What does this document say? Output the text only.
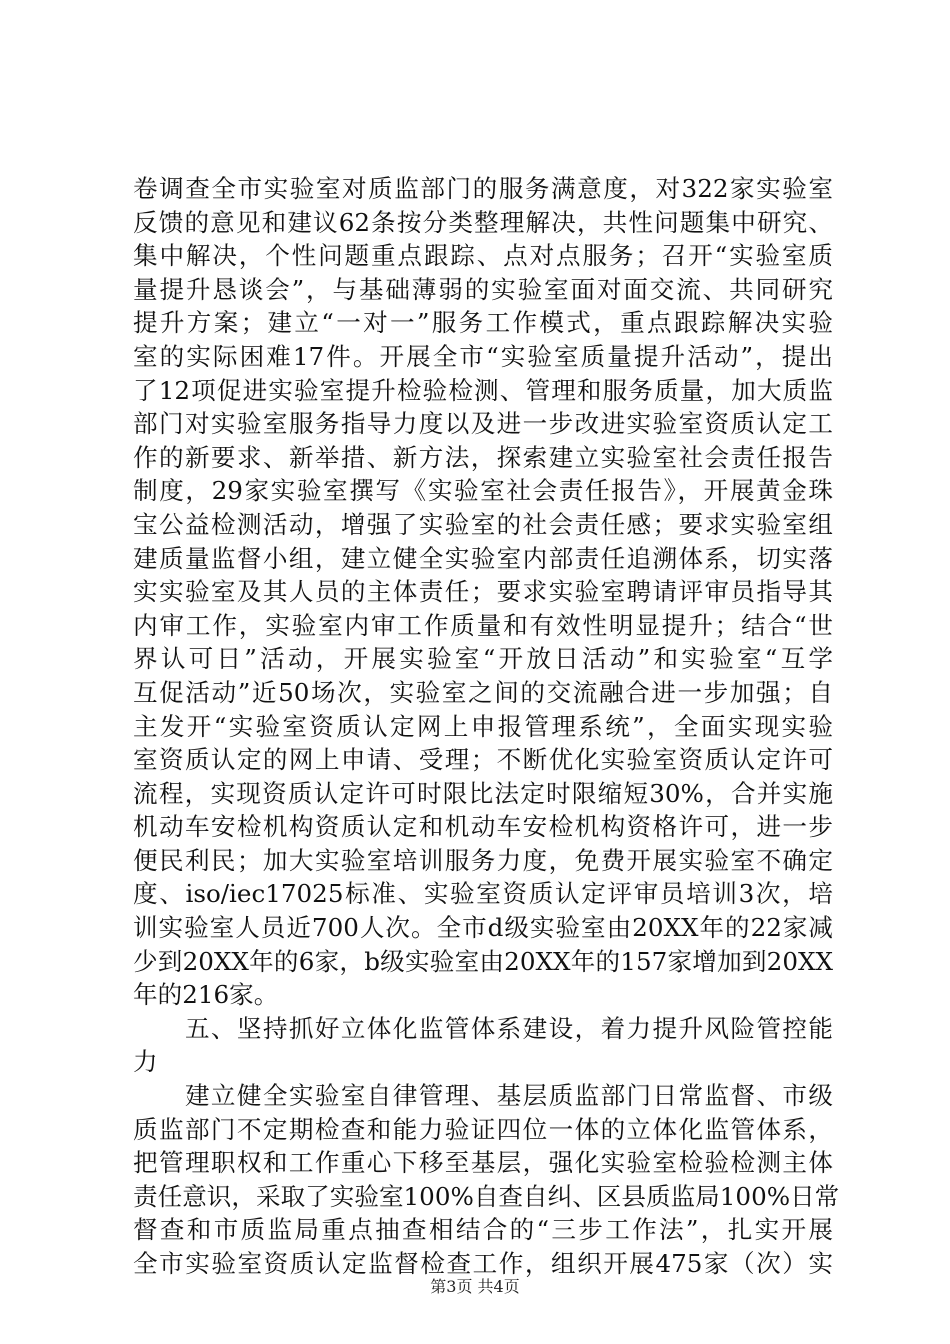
卷调查全市实验室对质监部门的服务满意度，对322家实验室
反馈的意见和建议62条按分类整理解决，共性问题集中研究、
集中解决，个性问题重点跟踪、点对点服务；召开“实验室质
量提升恳谈会”，与基础薄弱的实验室面对面交流、共同研究
提升方案；建立“一对一”服务工作模式，重点跟踪解决实验
室的实际困难17件。开展全市“实验室质量提升活动”，提出
了12项促进实验室提升检验检测、管理和服务质量，加大质监
部门对实验室服务指导力度以及进一步改进实验室资质认定工
作的新要求、新举措、新方法，探索建立实验室社会责任报告
制度，29家实验室撰写《实验室社会责任报告》，开展黄金珠
宝公益检测活动，增强了实验室的社会责任感；要求实验室组
建质量监督小组，建立健全实验室内部责任追溯体系，切实落
实实验室及其人员的主体责任；要求实验室聘请评审员指导其
内审工作，实验室内审工作质量和有效性明显提升；结合“世
界认可日”活动，开展实验室“开放日活动”和实验室“互学
互促活动”近50场次，实验室之间的交流融合进一步加强；自
主发开“实验室资质认定网上申报管理系统”，全面实现实验
室资质认定的网上申请、受理；不断优化实验室资质认定许可
流程，实现资质认定许可时限比法定时限缩短30%，合并实施
机动车安检机构资质认定和机动车安检机构资格许可，进一步
便民利民；加大实验室培训服务力度，免费开展实验室不确定
度、iso/iec17025标准、实验室资质认定评审员培训3次，培
训实验室人员近700人次。全市d级实验室由20XX年的22家减
少到20XX年的6家，b级实验室由20XX年的157家增加到20XX
年的216家。
　　五、坚持抓好立体化监管体系建设，着力提升风险管控能
力
　　建立健全实验室自律管理、基层质监部门日常监督、市级
质监部门不定期检查和能力验证四位一体的立体化监管体系，
把管理职权和工作重心下移至基层，强化实验室检验检测主体
责任意识，采取了实验室100%自查自纠、区县质监局100%日常
督查和市质监局重点抽查相结合的“三步工作法”，扎实开展
全市实验室资质认定监督检查工作，组织开展475家（次）实
第3页 共4页
